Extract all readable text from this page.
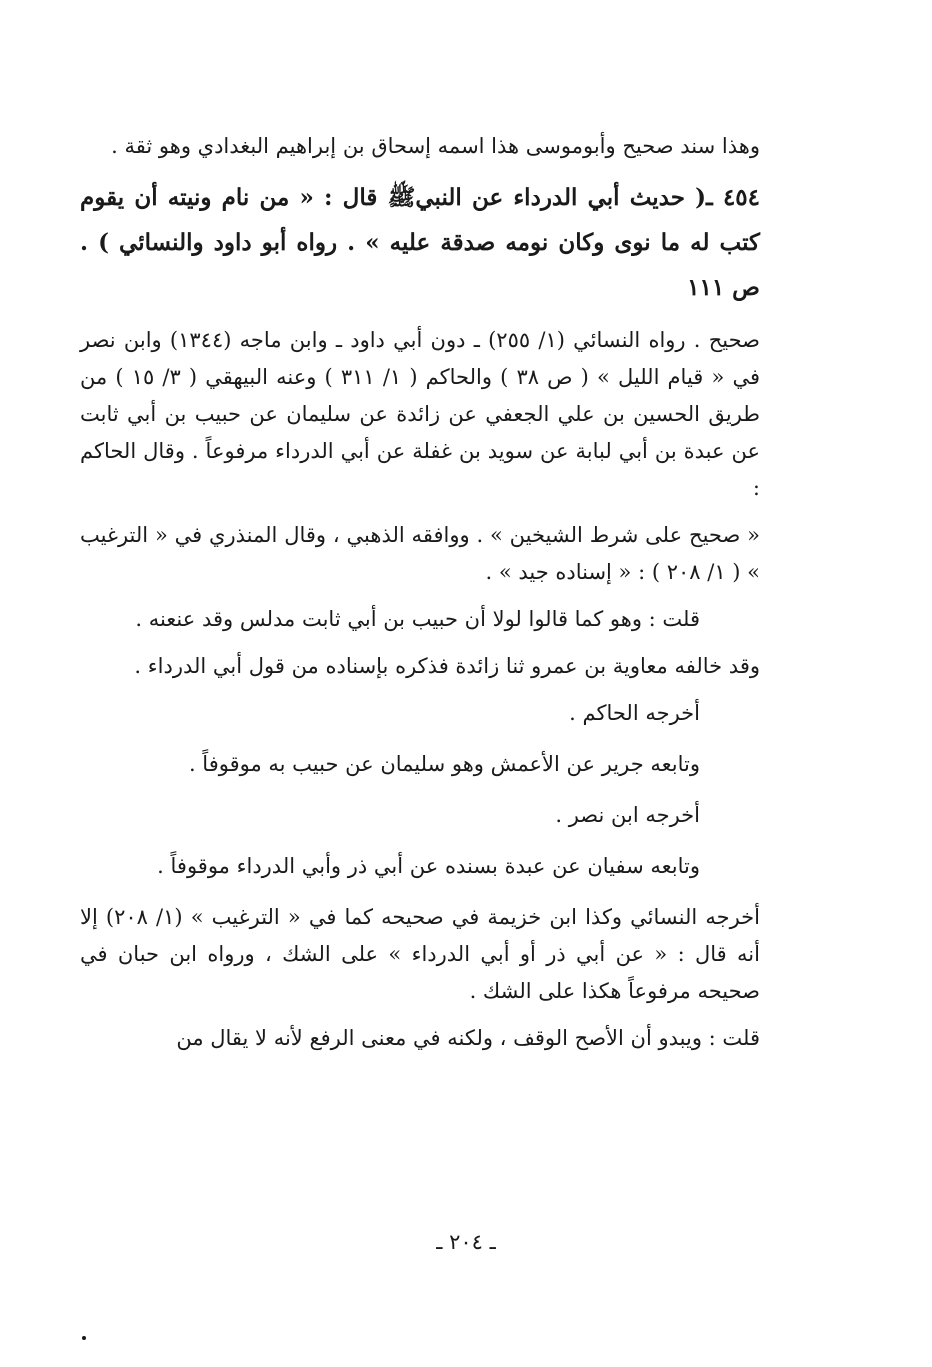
وهذا سند صحيح وأبوموسى هذا اسمه إسحاق بن إبراهيم البغدادي وهو ثقة .

٤٥٤ ـ( حديث أبي الدرداء عن النبيﷺ قال : « من نام ونيته أن يقوم كتب له ما نوى وكان نومه صدقة عليه » . رواه أبو داود والنسائي ) . ص ١١١

صحيح . رواه النسائي (١/ ٢٥٥) ـ دون أبي داود ـ وابن ماجه (١٣٤٤) وابن نصر في « قيام الليل » ( ص ٣٨ ) والحاكم ( ١/ ٣١١ ) وعنه البيهقي ( ٣/ ١٥ ) من طريق الحسين بن علي الجعفي عن زائدة عن سليمان عن حبيب بن أبي ثابت عن عبدة بن أبي لبابة عن سويد بن غفلة عن أبي الدرداء مرفوعاً . وقال الحاكم :

« صحيح على شرط الشيخين » . ووافقه الذهبي ، وقال المنذري في « الترغيب » ( ١/ ٢٠٨ ) : « إسناده جيد » .

قلت : وهو كما قالوا لولا أن حبيب بن أبي ثابت مدلس وقد عنعنه .

وقد خالفه معاوية بن عمرو ثنا زائدة فذكره بإسناده من قول أبي الدرداء .

أخرجه الحاكم .

وتابعه جرير عن الأعمش وهو سليمان عن حبيب به موقوفاً .

أخرجه ابن نصر .

وتابعه سفيان عن عبدة بسنده عن أبي ذر وأبي الدرداء موقوفاً .

أخرجه النسائي وكذا ابن خزيمة في صحيحه كما في « الترغيب » (١/ ٢٠٨) إلا أنه قال : « عن أبي ذر أو أبي الدرداء » على الشك ، ورواه ابن حبان في صحيحه مرفوعاً هكذا على الشك .

قلت : ويبدو أن الأصح الوقف ، ولكنه في معنى الرفع لأنه لا يقال من

ـ ٢٠٤ ـ
